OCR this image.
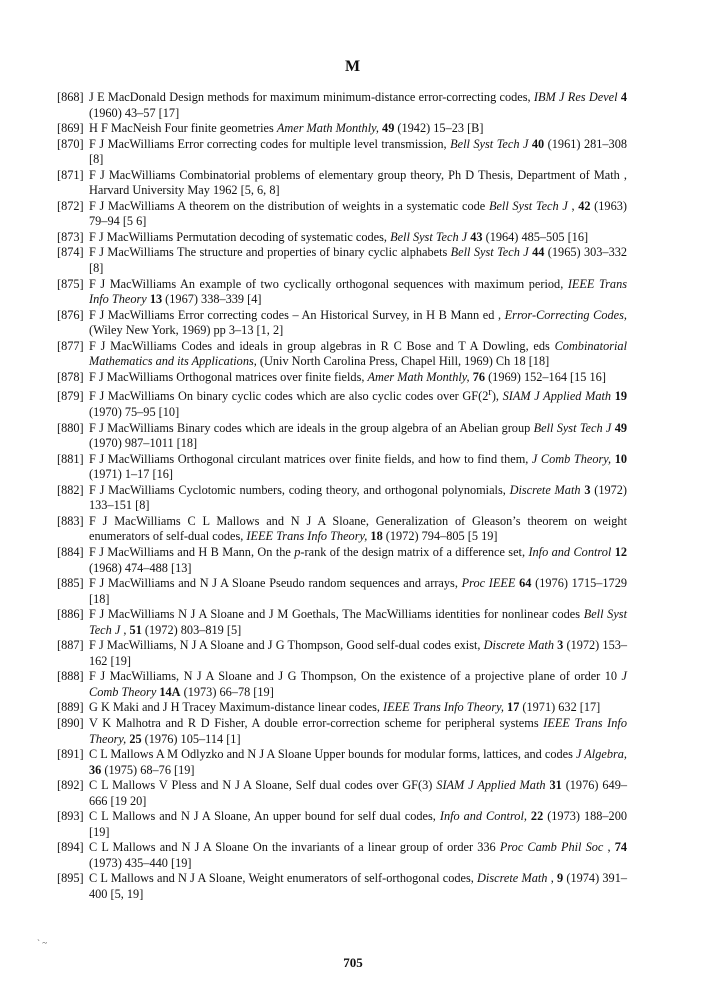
M
[868] J E MacDonald Design methods for maximum minimum-distance error-correcting codes, IBM J Res Devel 4 (1960) 43–57 [17]
[869] H F MacNeish Four finite geometries Amer Math Monthly, 49 (1942) 15–23 [B]
[870] F J MacWilliams Error correcting codes for multiple level transmission, Bell Syst Tech J 40 (1961) 281–308 [8]
[871] F J MacWilliams Combinatorial problems of elementary group theory, Ph D Thesis, Department of Math , Harvard University May 1962 [5, 6, 8]
[872] F J MacWilliams A theorem on the distribution of weights in a systematic code Bell Syst Tech J , 42 (1963) 79–94 [5 6]
[873] F J MacWilliams Permutation decoding of systematic codes, Bell Syst Tech J 43 (1964) 485–505 [16]
[874] F J MacWilliams The structure and properties of binary cyclic alphabets Bell Syst Tech J 44 (1965) 303–332 [8]
[875] F J MacWilliams An example of two cyclically orthogonal sequences with maximum period, IEEE Trans Info Theory 13 (1967) 338–339 [4]
[876] F J MacWilliams Error correcting codes – An Historical Survey, in H B Mann ed , Error-Correcting Codes, (Wiley New York, 1969) pp 3–13 [1, 2]
[877] F J MacWilliams Codes and ideals in group algebras in R C Bose and T A Dowling, eds Combinatorial Mathematics and its Applications, (Univ North Carolina Press, Chapel Hill, 1969) Ch 18 [18]
[878] F J MacWilliams Orthogonal matrices over finite fields, Amer Math Monthly, 76 (1969) 152–164 [15 16]
[879] F J MacWilliams On binary cyclic codes which are also cyclic codes over GF(2$^r$), SIAM J Applied Math 19 (1970) 75–95 [10]
[880] F J MacWilliams Binary codes which are ideals in the group algebra of an Abelian group Bell Syst Tech J 49 (1970) 987–1011 [18]
[881] F J MacWilliams Orthogonal circulant matrices over finite fields, and how to find them, J Comb Theory, 10 (1971) 1–17 [16]
[882] F J MacWilliams Cyclotomic numbers, coding theory, and orthogonal polynomials, Discrete Math 3 (1972) 133–151 [8]
[883] F J MacWilliams C L Mallows and N J A Sloane, Generalization of Gleason’s theorem on weight enumerators of self-dual codes, IEEE Trans Info Theory, 18 (1972) 794–805 [5 19]
[884] F J MacWilliams and H B Mann, On the p-rank of the design matrix of a difference set, Info and Control 12 (1968) 474–488 [13]
[885] F J MacWilliams and N J A Sloane Pseudo random sequences and arrays, Proc IEEE 64 (1976) 1715–1729 [18]
[886] F J MacWilliams N J A Sloane and J M Goethals, The MacWilliams identities for nonlinear codes Bell Syst Tech J , 51 (1972) 803–819 [5]
[887] F J MacWilliams, N J A Sloane and J G Thompson, Good self-dual codes exist, Discrete Math 3 (1972) 153–162 [19]
[888] F J MacWilliams, N J A Sloane and J G Thompson, On the existence of a projective plane of order 10 J Comb Theory 14A (1973) 66–78 [19]
[889] G K Maki and J H Tracey Maximum-distance linear codes, IEEE Trans Info Theory, 17 (1971) 632 [17]
[890] V K Malhotra and R D Fisher, A double error-correction scheme for peripheral systems IEEE Trans Info Theory, 25 (1976) 105–114 [1]
[891] C L Mallows A M Odlyzko and N J A Sloane Upper bounds for modular forms, lattices, and codes J Algebra, 36 (1975) 68–76 [19]
[892] C L Mallows V Pless and N J A Sloane, Self dual codes over GF(3) SIAM J Applied Math 31 (1976) 649–666 [19 20]
[893] C L Mallows and N J A Sloane, An upper bound for self dual codes, Info and Control, 22 (1973) 188–200 [19]
[894] C L Mallows and N J A Sloane On the invariants of a linear group of order 336 Proc Camb Phil Soc , 74 (1973) 435–440 [19]
[895] C L Mallows and N J A Sloane, Weight enumerators of self-orthogonal codes, Discrete Math , 9 (1974) 391–400 [5, 19]
` ~
705
